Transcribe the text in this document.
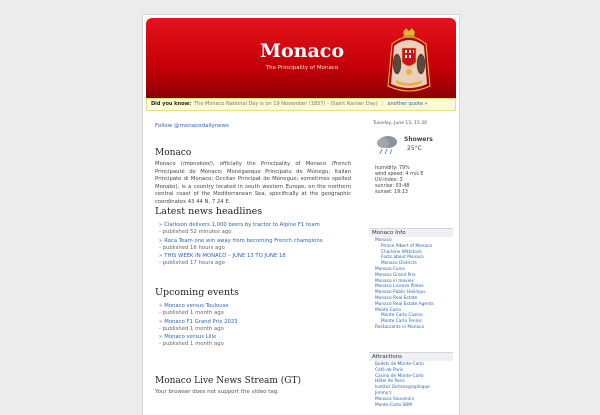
Monaco
The Principality of Monaco
Did you know: The Monaco National Day is on 19 November (1857) - (Saint Rainier Day) | another quote »
Follow @monacodailynews
Monaco
Monaco (/mɒnəkoʊ/), officially the Principality of Monaco (French Principauté de Monaco; Monégasque Principatu de Mu̍negu; Italian Principato di Monaco; Occitan Principat de Mónegue; sometimes spelled Monako), is a country located in south western Europe, on the northern central coast of the Mediterranean Sea, specifically at the geographic coordinates 43 44 N, 7 24 E.
Latest news headlines
» Clarkson delivers 1,000 beers by tractor to Alpine F1 team
- published 52 minutes ago
» Roca Team one win away from becoming French champions
- published 16 hours ago
» THIS WEEK IN MONACO – JUNE 13 TO JUNE 18
- published 17 hours ago
Upcoming events
» Monaco versus Toulouse
- published 1 month ago
» Monaco F1 Grand Prix 2023
- published 1 month ago
» Monaco versus Lille
- published 1 month ago
Monaco Live News Stream (GT)
Your browser does not support the video tag.
Tuesday, June 13, 15:30
Showers
25°C
humidity: 79%
wind speed: 4 m/s E
UV-Index: 3
sunrise: 03:48
sunset: 19:13
Monaco Info
Monaco
Prince Albert of Monaco
Charlene Wittstock
Facts about Monaco
Monaco Districts
Monaco Coins
Monaco Grand Prix
Monaco in movies
Monaco License Plates
Monaco Public Holidays
Monaco Real Estate
Monaco Real Estate Agents
Monte Carlo
Monte Carlo Casino
Monte Carlo Tennis
Restaurants in Monaco
Attractions
Ballets de Monte-Carlo
Café de Paris
Casino de Monte-Carlo
Hôtel de Paris
Institut Océanographique
Jimmy'z
Monaco Souvenirs
Monte-Carlo SBM
